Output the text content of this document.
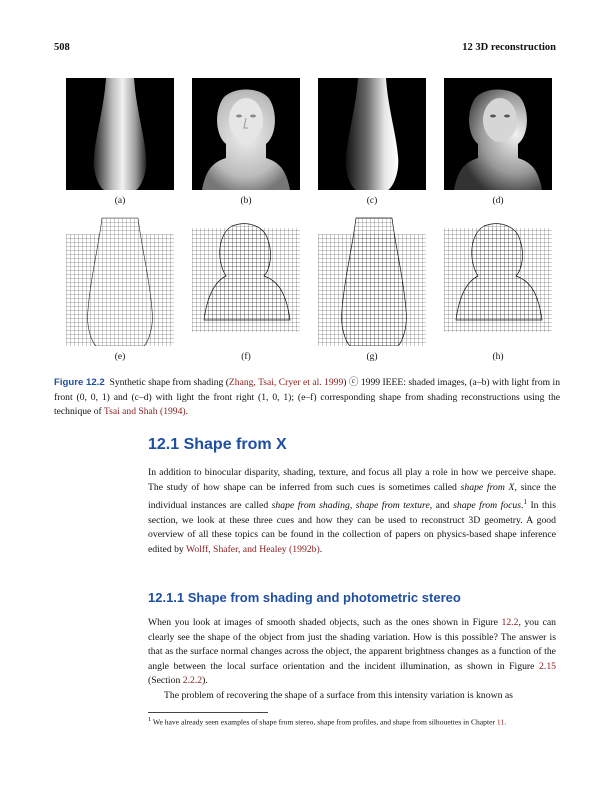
508	12 3D reconstruction
(a)	(b)	(c)	(d)
(e)	(f)	(g)	(h)
Figure 12.2 Synthetic shape from shading (Zhang, Tsai, Cryer et al. 1999) ⓒ 1999 IEEE: shaded images, (a–b) with light from in front (0, 0, 1) and (c–d) with light the front right (1, 0, 1); (e–f) corresponding shape from shading reconstructions using the technique of Tsai and Shah (1994).
12.1 Shape from X
In addition to binocular disparity, shading, texture, and focus all play a role in how we perceive shape. The study of how shape can be inferred from such cues is sometimes called shape from X, since the individual instances are called shape from shading, shape from texture, and shape from focus.$^1$ In this section, we look at these three cues and how they can be used to reconstruct 3D geometry. A good overview of all these topics can be found in the collection of papers on physics-based shape inference edited by Wolff, Shafer, and Healey (1992b).
12.1.1 Shape from shading and photometric stereo
When you look at images of smooth shaded objects, such as the ones shown in Figure 12.2, you can clearly see the shape of the object from just the shading variation. How is this possible? The answer is that as the surface normal changes across the object, the apparent brightness changes as a function of the angle between the local surface orientation and the incident illumination, as shown in Figure 2.15 (Section 2.2.2).
The problem of recovering the shape of a surface from this intensity variation is known as
$^1$ We have already seen examples of shape from stereo, shape from profiles, and shape from silhouettes in Chapter 11.
